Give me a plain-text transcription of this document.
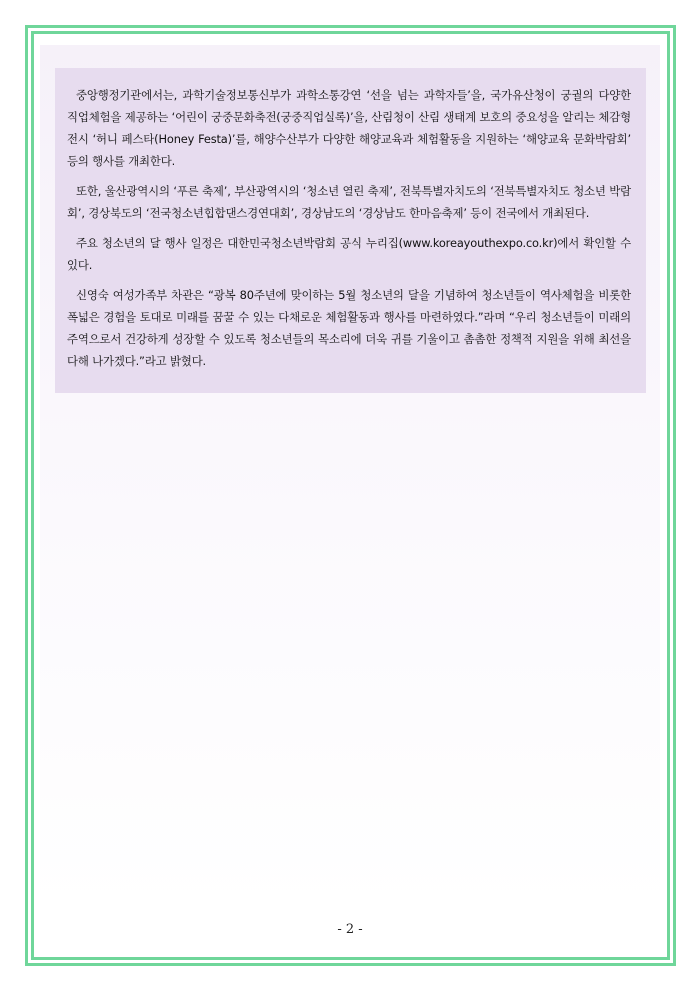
중앙행정기관에서는, 과학기술정보통신부가 과학소통강연 ‘선을 넘는 과학자들’을, 국가유산청이 궁궐의 다양한 직업체험을 제공하는 ‘어린이 궁중문화축전(궁중직업실록)’을, 산림청이 산림 생태계 보호의 중요성을 알리는 체감형 전시 ‘허니 페스타(Honey Festa)’를, 해양수산부가 다양한 해양교육과 체험활동을 지원하는 ‘해양교육 문화박람회’ 등의 행사를 개최한다.

또한, 울산광역시의 ‘푸른 축제’, 부산광역시의 ‘청소년 열린 축제’, 전북특별자치도의 ‘전북특별자치도 청소년 박람회’, 경상북도의 ‘전국청소년힙합댄스경연대회’, 경상남도의 ‘경상남도 한마음축제’ 등이 전국에서 개최된다.

주요 청소년의 달 행사 일정은 대한민국청소년박람회 공식 누리집(www.koreayouthexpo.co.kr)에서 확인할 수 있다.

신영숙 여성가족부 차관은 “광복 80주년에 맞이하는 5월 청소년의 달을 기념하여 청소년들이 역사체험을 비롯한 폭넓은 경험을 토대로 미래를 꿈꿀 수 있는 다채로운 체험활동과 행사를 마련하였다.”라며 “우리 청소년들이 미래의 주역으로서 건강하게 성장할 수 있도록 청소년들의 목소리에 더욱 귀를 기울이고 촘촘한 정책적 지원을 위해 최선을 다해 나가겠다.”라고 밝혔다.

- 2 -
